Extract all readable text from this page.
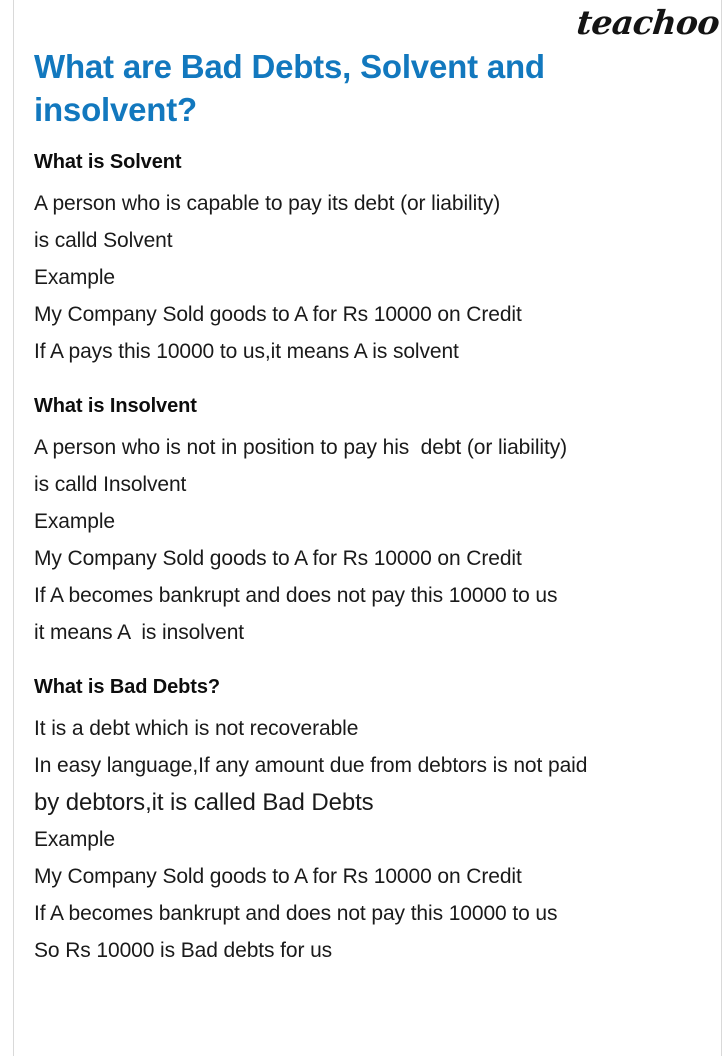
teachoo
What are Bad Debts, Solvent and insolvent?
What is Solvent
A person who is capable to pay its debt (or liability)
is calld Solvent
Example
My Company Sold goods to A for Rs 10000 on Credit
If A pays this 10000 to us,it means A is solvent
What is Insolvent
A person who is not in position to pay his  debt (or liability)
is calld Insolvent
Example
My Company Sold goods to A for Rs 10000 on Credit
If A becomes bankrupt and does not pay this 10000 to us
it means A  is insolvent
What is Bad Debts?
It is a debt which is not recoverable
In easy language,If any amount due from debtors is not paid
by debtors,it is called Bad Debts
Example
My Company Sold goods to A for Rs 10000 on Credit
If A becomes bankrupt and does not pay this 10000 to us
So Rs 10000 is Bad debts for us
